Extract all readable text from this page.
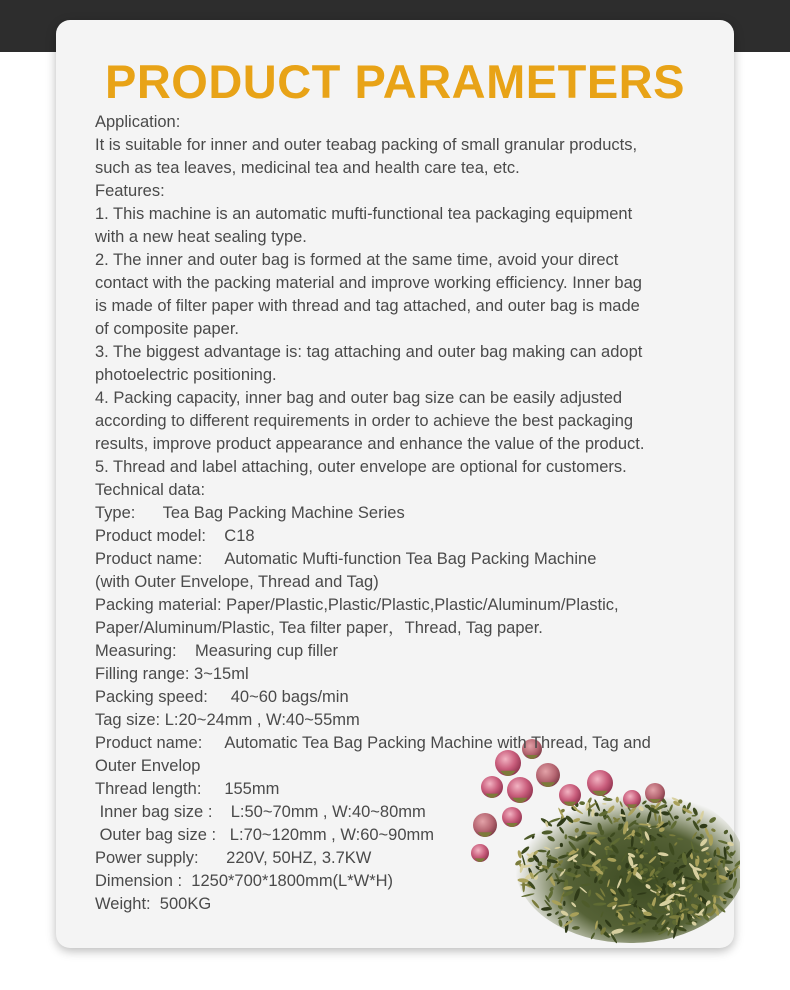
PRODUCT PARAMETERS
Application:
It is suitable for inner and outer teabag packing of small granular products,
such as tea leaves, medicinal tea and health care tea, etc.
Features:
1. This machine is an automatic mufti-functional tea packaging equipment
with a new heat sealing type.
2. The inner and outer bag is formed at the same time, avoid your direct
contact with the packing material and improve working efficiency. Inner bag
is made of filter paper with thread and tag attached, and outer bag is made
of composite paper.
3. The biggest advantage is: tag attaching and outer bag making can adopt
photoelectric positioning.
4. Packing capacity, inner bag and outer bag size can be easily adjusted
according to different requirements in order to achieve the best packaging
results, improve product appearance and enhance the value of the product.
5. Thread and label attaching, outer envelope are optional for customers.
Technical data:
Type:      Tea Bag Packing Machine Series
Product model:    C18
Product name:     Automatic Mufti-function Tea Bag Packing Machine
(with Outer Envelope, Thread and Tag)
Packing material: Paper/Plastic,Plastic/Plastic,Plastic/Aluminum/Plastic,
Paper/Aluminum/Plastic, Tea filter paper，Thread, Tag paper.
Measuring:    Measuring cup filler
Filling range: 3~15ml
Packing speed:     40~60 bags/min
Tag size: L:20~24mm , W:40~55mm
Product name:     Automatic Tea Bag Packing Machine with Thread, Tag and
Outer Envelop
Thread length:     155mm
Inner bag size :    L:50~70mm , W:40~80mm
Outer bag size :   L:70~120mm , W:60~90mm
Power supply:      220V, 50HZ, 3.7KW
Dimension :  1250*700*1800mm(L*W*H)
Weight:  500KG
